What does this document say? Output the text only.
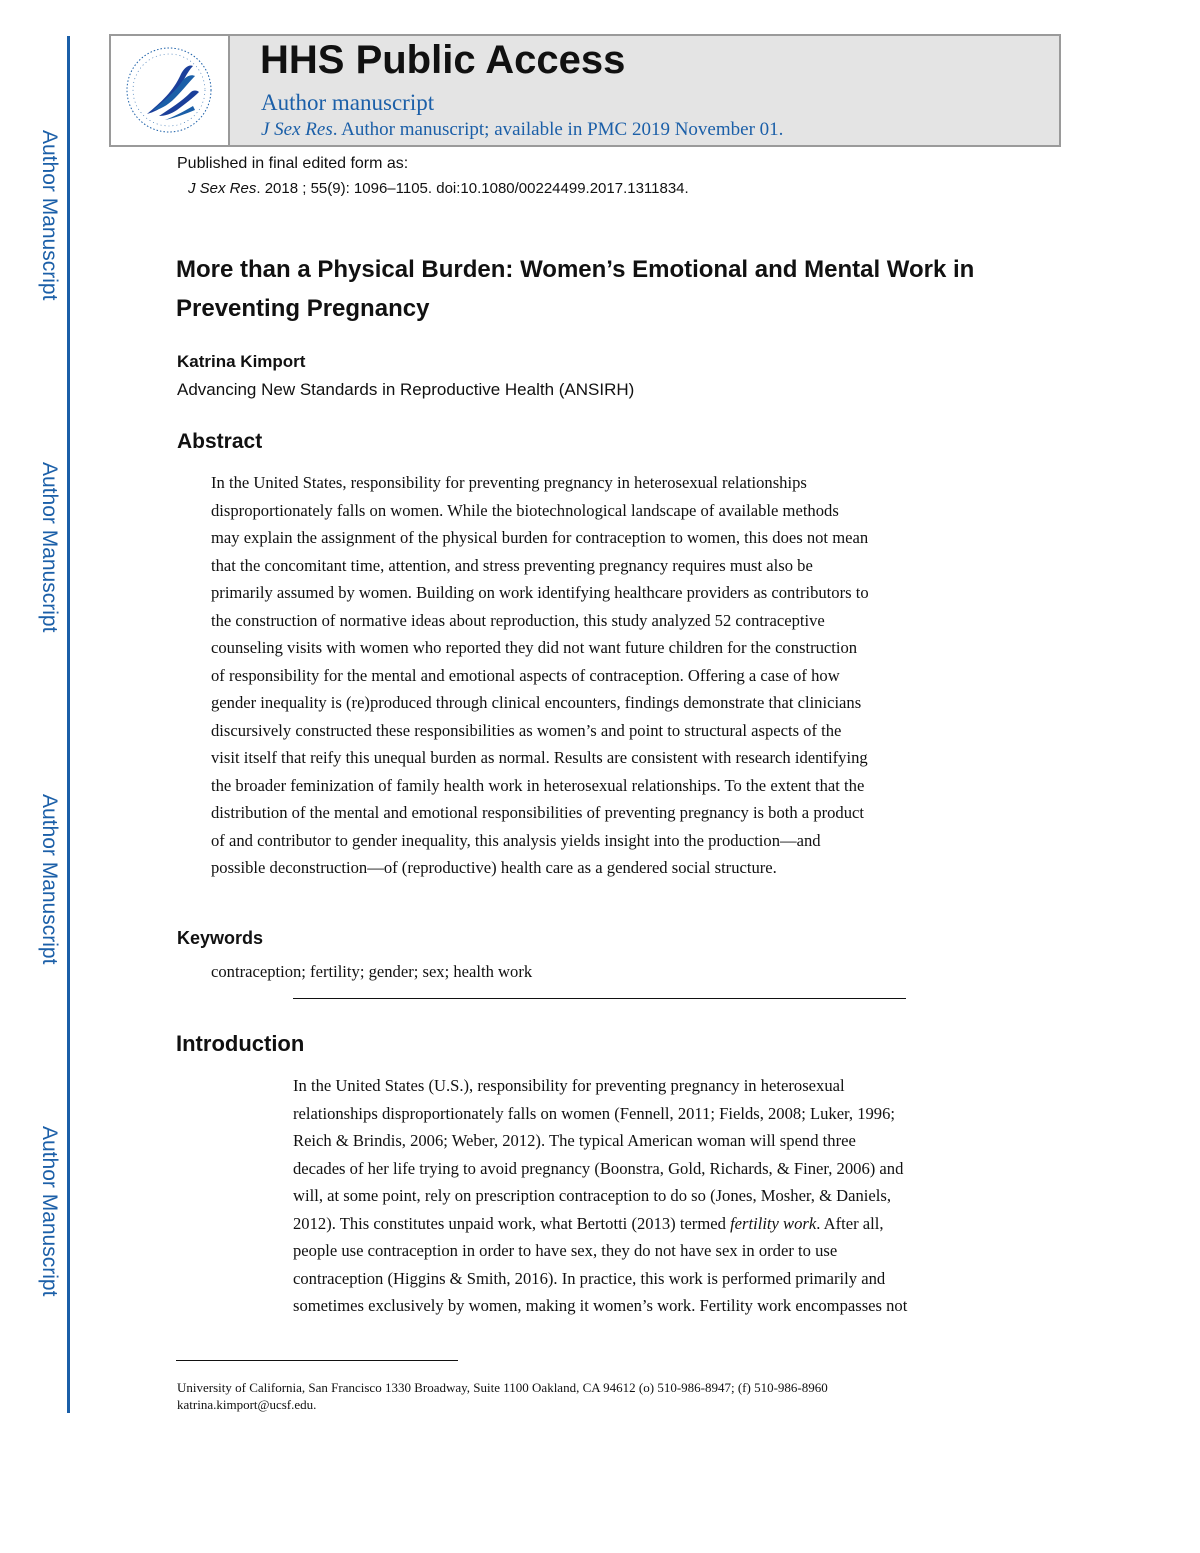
Author Manuscript
Author Manuscript
Author Manuscript
Author Manuscript
HHS Public Access
Author manuscript
J Sex Res. Author manuscript; available in PMC 2019 November 01.
Published in final edited form as:
J Sex Res. 2018 ; 55(9): 1096–1105. doi:10.1080/00224499.2017.1311834.
More than a Physical Burden: Women’s Emotional and Mental Work in Preventing Pregnancy
Katrina Kimport
Advancing New Standards in Reproductive Health (ANSIRH)
Abstract
In the United States, responsibility for preventing pregnancy in heterosexual relationships
disproportionately falls on women. While the biotechnological landscape of available methods
may explain the assignment of the physical burden for contraception to women, this does not mean
that the concomitant time, attention, and stress preventing pregnancy requires must also be
primarily assumed by women. Building on work identifying healthcare providers as contributors to
the construction of normative ideas about reproduction, this study analyzed 52 contraceptive
counseling visits with women who reported they did not want future children for the construction
of responsibility for the mental and emotional aspects of contraception. Offering a case of how
gender inequality is (re)produced through clinical encounters, findings demonstrate that clinicians
discursively constructed these responsibilities as women’s and point to structural aspects of the
visit itself that reify this unequal burden as normal. Results are consistent with research identifying
the broader feminization of family health work in heterosexual relationships. To the extent that the
distribution of the mental and emotional responsibilities of preventing pregnancy is both a product
of and contributor to gender inequality, this analysis yields insight into the production—and
possible deconstruction—of (reproductive) health care as a gendered social structure.
Keywords
contraception; fertility; gender; sex; health work
Introduction
In the United States (U.S.), responsibility for preventing pregnancy in heterosexual
relationships disproportionately falls on women (Fennell, 2011; Fields, 2008; Luker, 1996;
Reich & Brindis, 2006; Weber, 2012). The typical American woman will spend three
decades of her life trying to avoid pregnancy (Boonstra, Gold, Richards, & Finer, 2006) and
will, at some point, rely on prescription contraception to do so (Jones, Mosher, & Daniels,
2012). This constitutes unpaid work, what Bertotti (2013) termed fertility work. After all,
people use contraception in order to have sex, they do not have sex in order to use
contraception (Higgins & Smith, 2016). In practice, this work is performed primarily and
sometimes exclusively by women, making it women’s work. Fertility work encompasses not
University of California, San Francisco 1330 Broadway, Suite 1100 Oakland, CA 94612 (o) 510-986-8947; (f) 510-986-8960
katrina.kimport@ucsf.edu.
